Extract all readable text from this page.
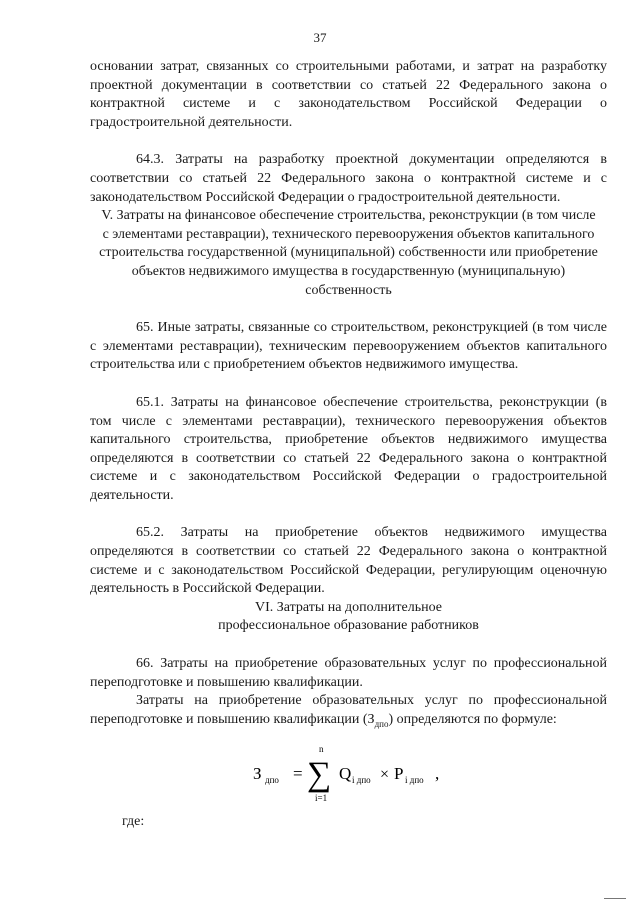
37

основании затрат, связанных со строительными работами, и затрат на разработку проектной документации в соответствии со статьей 22 Федерального закона о контрактной системе и с законодательством Российской Федерации о градостроительной деятельности.

64.3. Затраты на разработку проектной документации определяются в соответствии со статьей 22 Федерального закона о контрактной системе и с законодательством Российской Федерации о градостроительной деятельности.

V. Затраты на финансовое обеспечение строительства, реконструкции (в том числе с элементами реставрации), технического перевооружения объектов капитального строительства государственной (муниципальной) собственности или приобретение объектов недвижимого имущества в государственную (муниципальную) собственность

65. Иные затраты, связанные со строительством, реконструкцией (в том числе с элементами реставрации), техническим перевооружением объектов капитального строительства или с приобретением объектов недвижимого имущества.

65.1. Затраты на финансовое обеспечение строительства, реконструкции (в том числе с элементами реставрации), технического перевооружения объектов капитального строительства, приобретение объектов недвижимого имущества определяются в соответствии со статьей 22 Федерального закона о контрактной системе и с законодательством Российской Федерации о градостроительной деятельности.

65.2. Затраты на приобретение объектов недвижимого имущества определяются в соответствии со статьей 22 Федерального закона о контрактной системе и с законодательством Российской Федерации, регулирующим оценочную деятельность в Российской Федерации.

VI. Затраты на дополнительное
профессиональное образование работников

66. Затраты на приобретение образовательных услуг по профессиональной переподготовке и повышению квалификации.

Затраты на приобретение образовательных услуг по профессиональной переподготовке и повышению квалификации $(З_{дпо})$ определяются по формуле:

З дпо =
n
∑
i=1
Q i дпо × P i дпо ,

где:
